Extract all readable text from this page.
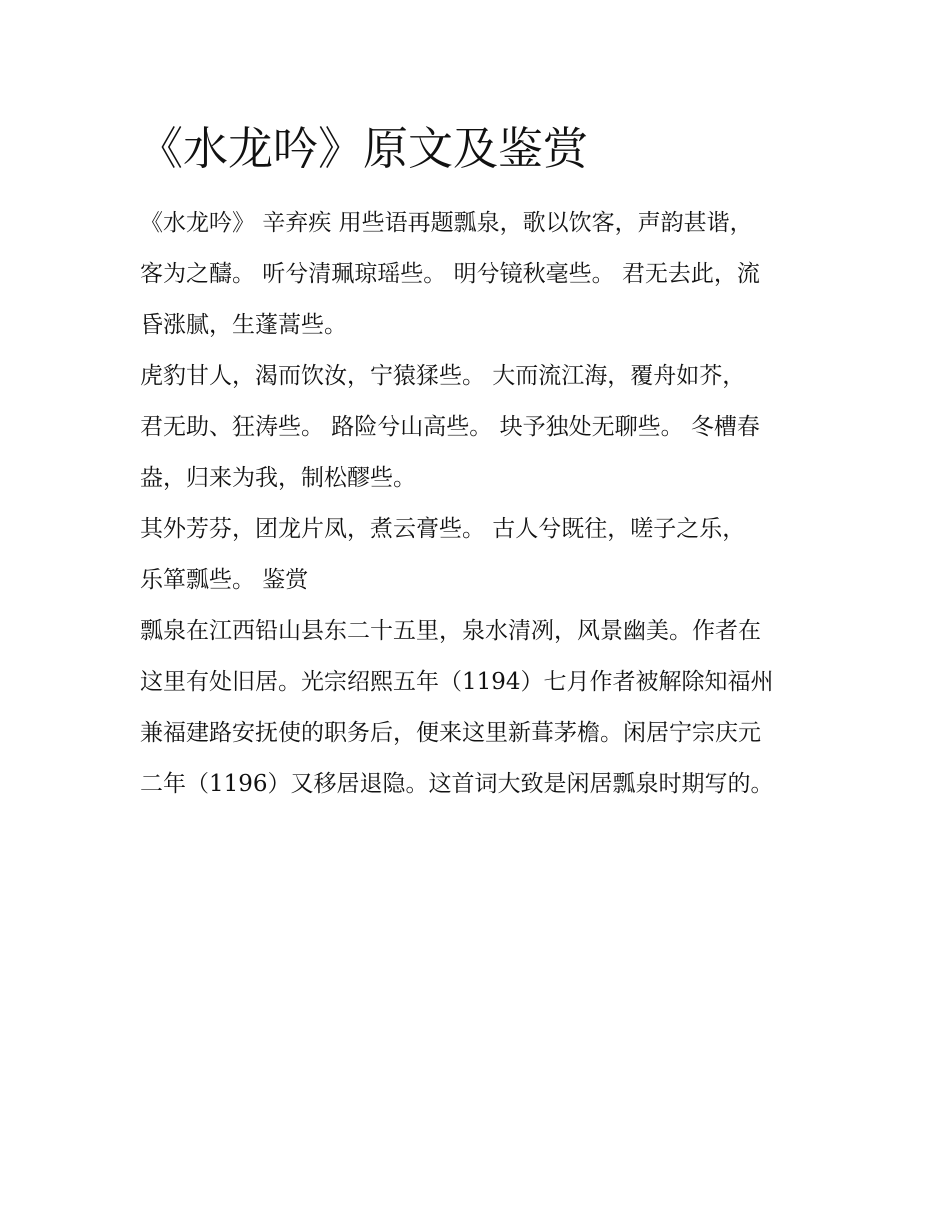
《水龙吟》原文及鉴赏
《水龙吟》 辛弃疾 用些语再题瓢泉，歌以饮客，声韵甚谐，
客为之醻。 听兮清珮琼瑶些。 明兮镜秋毫些。 君无去此，流
昏涨腻，生蓬蒿些。
虎豹甘人，渴而饮汝，宁猿猱些。 大而流江海，覆舟如芥，
君无助、狂涛些。 路险兮山高些。 块予独处无聊些。 冬槽春
盎，归来为我，制松醪些。
其外芳芬，团龙片凤，煮云膏些。 古人兮既往，嗟子之乐，
乐箪瓢些。 鉴赏
瓢泉在江西铅山县东二十五里，泉水清冽，风景幽美。作者在
这里有处旧居。光宗绍熙五年（1194）七月作者被解除知福州
兼福建路安抚使的职务后，便来这里新葺茅檐。闲居宁宗庆元
二年（1196）又移居退隐。这首词大致是闲居瓢泉时期写的。
